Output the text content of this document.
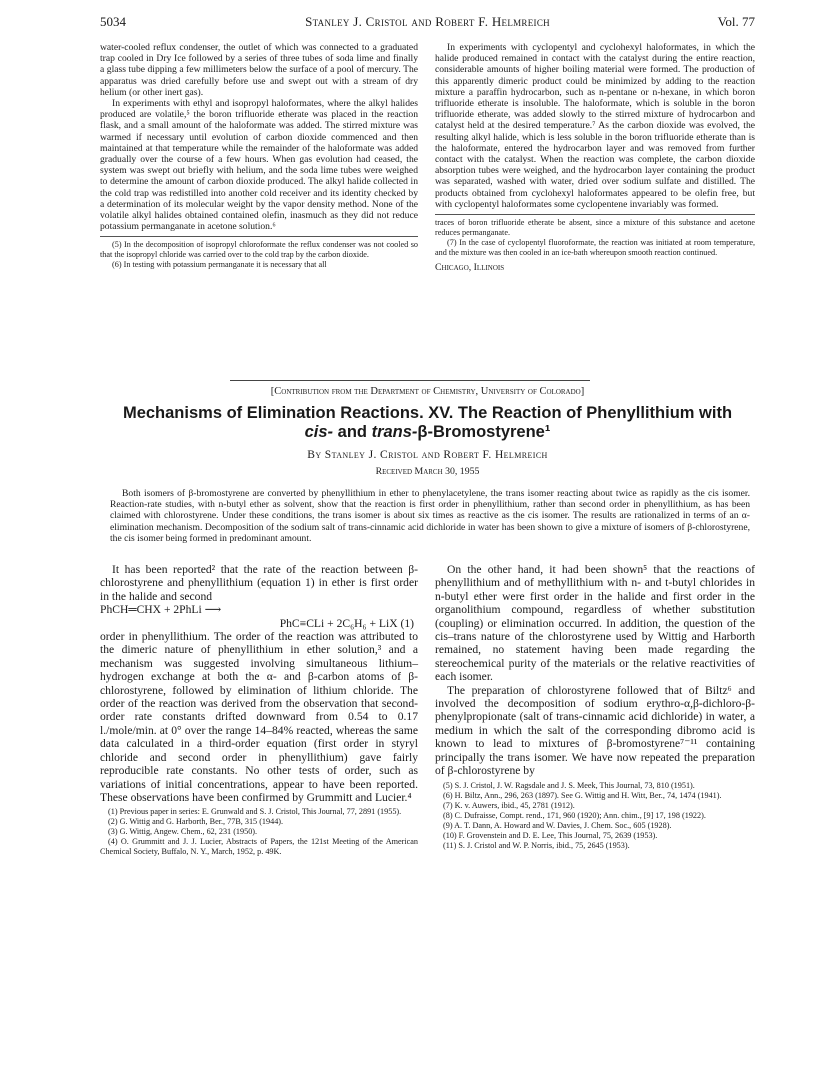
5034	Stanley J. Cristol and Robert F. Helmreich	Vol. 77

water-cooled reflux condenser, the outlet of which was connected to a graduated trap cooled in Dry Ice followed by a series of three tubes of soda lime and finally a glass tube dipping a few millimeters below the surface of a pool of mercury. The apparatus was dried carefully before use and swept out with a stream of dry helium (or other inert gas).

In experiments with ethyl and isopropyl haloformates, where the alkyl halides produced are volatile,⁵ the boron trifluoride etherate was placed in the reaction flask, and a small amount of the haloformate was added. The stirred mixture was warmed if necessary until evolution of carbon dioxide commenced and then maintained at that temperature while the remainder of the haloformate was added gradually over the course of a few hours. When gas evolution had ceased, the system was swept out briefly with helium, and the soda lime tubes were weighed to determine the amount of carbon dioxide produced. The alkyl halide collected in the cold trap was redistilled into another cold receiver and its identity checked by a determination of its molecular weight by the vapor density method. None of the volatile alkyl halides obtained contained olefin, inasmuch as they did not reduce potassium permanganate in acetone solution.⁶

(5) In the decomposition of isopropyl chloroformate the reflux condenser was not cooled so that the isopropyl chloride was carried over to the cold trap by the carbon dioxide.

(6) In testing with potassium permanganate it is necessary that all

In experiments with cyclopentyl and cyclohexyl haloformates, in which the halide produced remained in contact with the catalyst during the entire reaction, considerable amounts of higher boiling material were formed. The production of this apparently dimeric product could be minimized by adding to the reaction mixture a paraffin hydrocarbon, such as n-pentane or n-hexane, in which boron trifluoride etherate is insoluble. The haloformate, which is soluble in the boron trifluoride etherate, was added slowly to the stirred mixture of hydrocarbon and catalyst held at the desired temperature.⁷ As the carbon dioxide was evolved, the resulting alkyl halide, which is less soluble in the boron trifluoride etherate than is the haloformate, entered the hydrocarbon layer and was removed from further contact with the catalyst. When the reaction was complete, the carbon dioxide absorption tubes were weighed, and the hydrocarbon layer containing the product was separated, washed with water, dried over sodium sulfate and distilled. The products obtained from cyclohexyl haloformates appeared to be olefin free, but with cyclopentyl haloformates some cyclopentene invariably was formed.

traces of boron trifluoride etherate be absent, since a mixture of this substance and acetone reduces permanganate.

(7) In the case of cyclopentyl fluoroformate, the reaction was initiated at room temperature, and the mixture was then cooled in an ice-bath whereupon smooth reaction continued.

Chicago, Illinois

[Contribution from the Department of Chemistry, University of Colorado]
Mechanisms of Elimination Reactions. XV. The Reaction of Phenyllithium with
cis- and trans-β-Bromostyrene¹
By Stanley J. Cristol and Robert F. Helmreich
Received March 30, 1955

Both isomers of β-bromostyrene are converted by phenyllithium in ether to phenylacetylene, the trans isomer reacting about twice as rapidly as the cis isomer. Reaction-rate studies, with n-butyl ether as solvent, show that the reaction is first order in phenyllithium, rather than second order in phenyllithium, as has been claimed with chlorostyrene. Under these conditions, the trans isomer is about six times as reactive as the cis isomer. The results are rationalized in terms of an α-elimination mechanism. Decomposition of the sodium salt of trans-cinnamic acid dichloride in water has been shown to give a mixture of isomers of β-chlorostyrene, the cis isomer being formed in predominant amount.

It has been reported² that the rate of the reaction between β-chlorostyrene and phenyllithium (equation 1) in ether is first order in the halide and second

PhCH═CHX + 2PhLi ⟶
PhC≡CLi + 2C₆H₆ + LiX (1)

order in phenyllithium. The order of the reaction was attributed to the dimeric nature of phenyllithium in ether solution,³ and a mechanism was suggested involving simultaneous lithium–hydrogen exchange at both the α- and β-carbon atoms of β-chlorostyrene, followed by elimination of lithium chloride. The order of the reaction was derived from the observation that second-order rate constants drifted downward from 0.54 to 0.17 l./mole/min. at 0° over the range 14–84% reacted, whereas the same data calculated in a third-order equation (first order in styryl chloride and second order in phenyllithium) gave fairly reproducible rate constants. No other tests of order, such as variations of initial concentrations, appear to have been reported. These observations have been confirmed by Grummitt and Lucier.⁴

(1) Previous paper in series: E. Grunwald and S. J. Cristol, This Journal, 77, 2891 (1955).

(2) G. Wittig and G. Harborth, Ber., 77B, 315 (1944).

(3) G. Wittig, Angew. Chem., 62, 231 (1950).

(4) O. Grummitt and J. J. Lucier, Abstracts of Papers, the 121st Meeting of the American Chemical Society, Buffalo, N. Y., March, 1952, p. 49K.

On the other hand, it had been shown⁵ that the reactions of phenyllithium and of methyllithium with n- and t-butyl chlorides in n-butyl ether were first order in the halide and first order in the organolithium compound, regardless of whether substitution (coupling) or elimination occurred. In addition, the question of the cis–trans nature of the chlorostyrene used by Wittig and Harborth remained, no statement having been made regarding the stereochemical purity of the materials or the relative reactivities of each isomer.

The preparation of chlorostyrene followed that of Biltz⁶ and involved the decomposition of sodium erythro-α,β-dichloro-β-phenylpropionate (salt of trans-cinnamic acid dichloride) in water, a medium in which the salt of the corresponding dibromo acid is known to lead to mixtures of β-bromostyrene⁷⁻¹¹ containing principally the trans isomer. We have now repeated the preparation of β-chlorostyrene by

(5) S. J. Cristol, J. W. Ragsdale and J. S. Meek, This Journal, 73, 810 (1951).

(6) H. Biltz, Ann., 296, 263 (1897). See G. Wittig and H. Witt, Ber., 74, 1474 (1941).

(7) K. v. Auwers, ibid., 45, 2781 (1912).

(8) C. Dufraisse, Compt. rend., 171, 960 (1920); Ann. chim., [9] 17, 198 (1922).

(9) A. T. Dann, A. Howard and W. Davies, J. Chem. Soc., 605 (1928).

(10) F. Grovenstein and D. E. Lee, This Journal, 75, 2639 (1953).

(11) S. J. Cristol and W. P. Norris, ibid., 75, 2645 (1953).
